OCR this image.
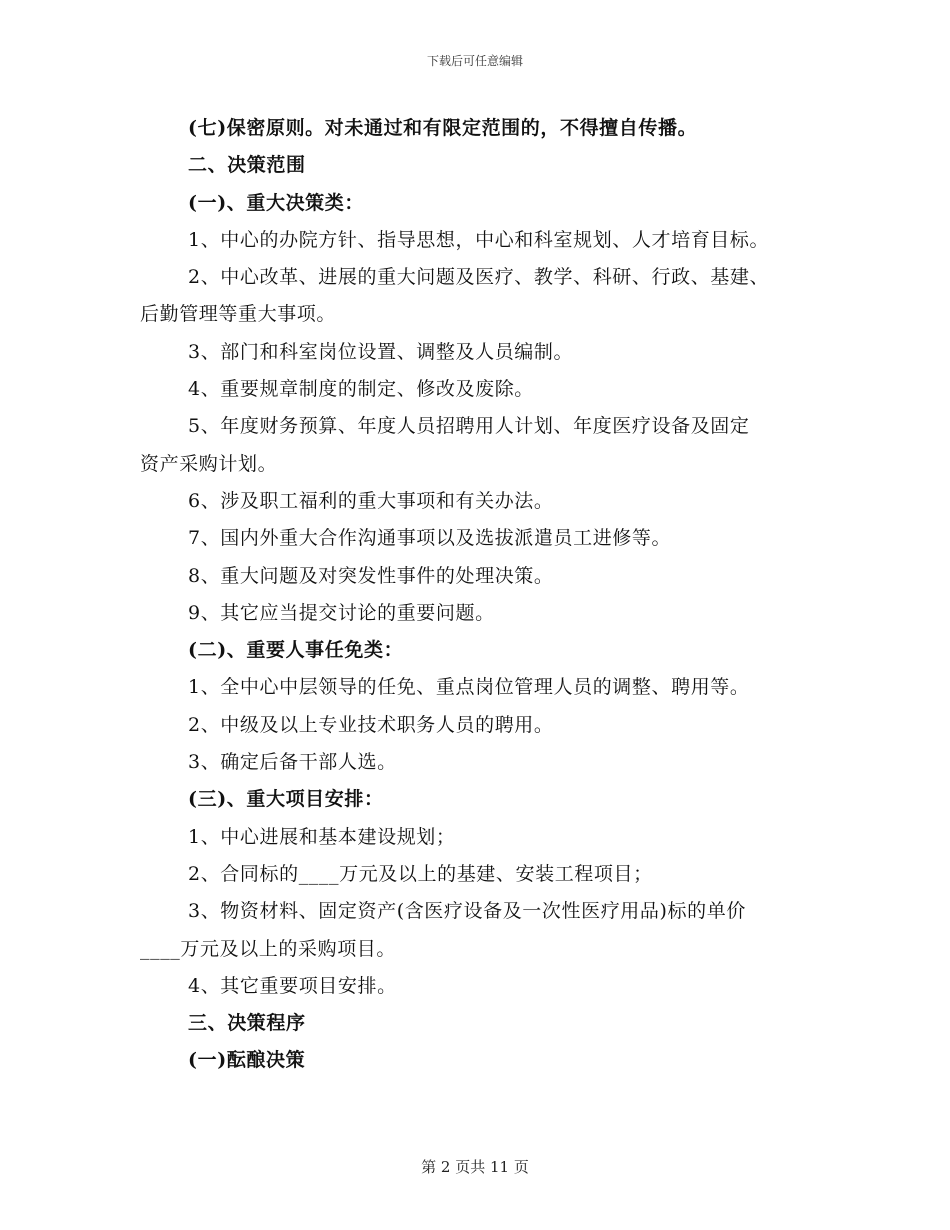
下载后可任意编辑
(七)保密原则。对未通过和有限定范围的，不得擅自传播。
二、决策范围
(一)、重大决策类：
1、中心的办院方针、指导思想，中心和科室规划、人才培育目标。
2、中心改革、进展的重大问题及医疗、教学、科研、行政、基建、
后勤管理等重大事项。
3、部门和科室岗位设置、调整及人员编制。
4、重要规章制度的制定、修改及废除。
5、年度财务预算、年度人员招聘用人计划、年度医疗设备及固定
资产采购计划。
6、涉及职工福利的重大事项和有关办法。
7、国内外重大合作沟通事项以及选拔派遣员工进修等。
8、重大问题及对突发性事件的处理决策。
9、其它应当提交讨论的重要问题。
(二)、重要人事任免类：
1、全中心中层领导的任免、重点岗位管理人员的调整、聘用等。
2、中级及以上专业技术职务人员的聘用。
3、确定后备干部人选。
(三)、重大项目安排：
1、中心进展和基本建设规划；
2、合同标的____万元及以上的基建、安装工程项目；
3、物资材料、固定资产(含医疗设备及一次性医疗用品)标的单价
____万元及以上的采购项目。
4、其它重要项目安排。
三、决策程序
(一)酝酿决策
第 2 页共 11 页
